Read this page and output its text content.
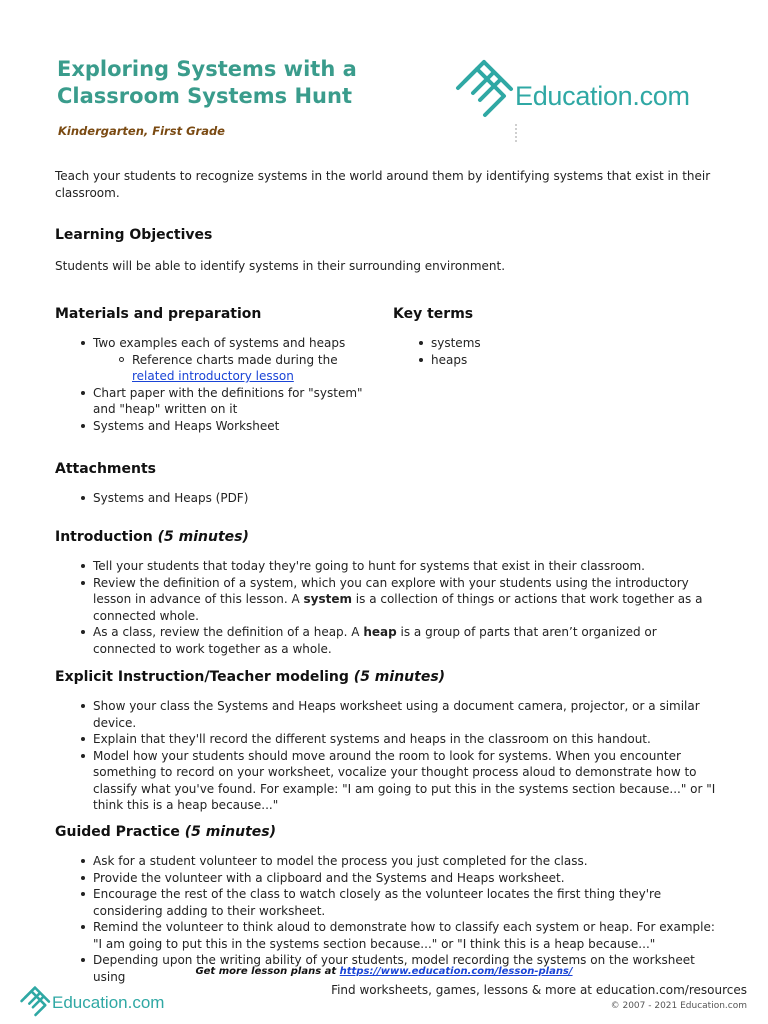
Exploring Systems with a Classroom Systems Hunt	Education.com
Kindergarten, First Grade

Teach your students to recognize systems in the world around them by identifying systems that exist in their classroom.

Learning Objectives

Students will be able to identify systems in their surrounding environment.

Materials and preparation
Two examples each of systems and heaps
Reference charts made during the
related introductory lesson
Chart paper with the definitions for "system" and "heap" written on it
Systems and Heaps Worksheet
Key terms
systems
heaps
Attachments
Systems and Heaps (PDF)
Introduction (5 minutes)
Tell your students that today they're going to hunt for systems that exist in their classroom.
Review the definition of a system, which you can explore with your students using the introductory lesson in advance of this lesson. A system is a collection of things or actions that work together as a connected whole.
As a class, review the definition of a heap. A heap is a group of parts that aren’t organized or connected to work together as a whole.
Explicit Instruction/Teacher modeling (5 minutes)
Show your class the Systems and Heaps worksheet using a document camera, projector, or a similar device.
Explain that they'll record the different systems and heaps in the classroom on this handout.
Model how your students should move around the room to look for systems. When you encounter something to record on your worksheet, vocalize your thought process aloud to demonstrate how to classify what you've found. For example: "I am going to put this in the systems section because..." or "I think this is a heap because..."
Guided Practice (5 minutes)
Ask for a student volunteer to model the process you just completed for the class.
Provide the volunteer with a clipboard and the Systems and Heaps worksheet.
Encourage the rest of the class to watch closely as the volunteer locates the first thing they're considering adding to their worksheet.
Remind the volunteer to think aloud to demonstrate how to classify each system or heap. For example: "I am going to put this in the systems section because..." or "I think this is a heap because..."
Depending upon the writing ability of your students, model recording the systems on the worksheet using	Get more lesson plans at https://www.education.com/lesson-plans/
Education.com
Find worksheets, games, lessons & more at education.com/resources
© 2007 - 2021 Education.com
